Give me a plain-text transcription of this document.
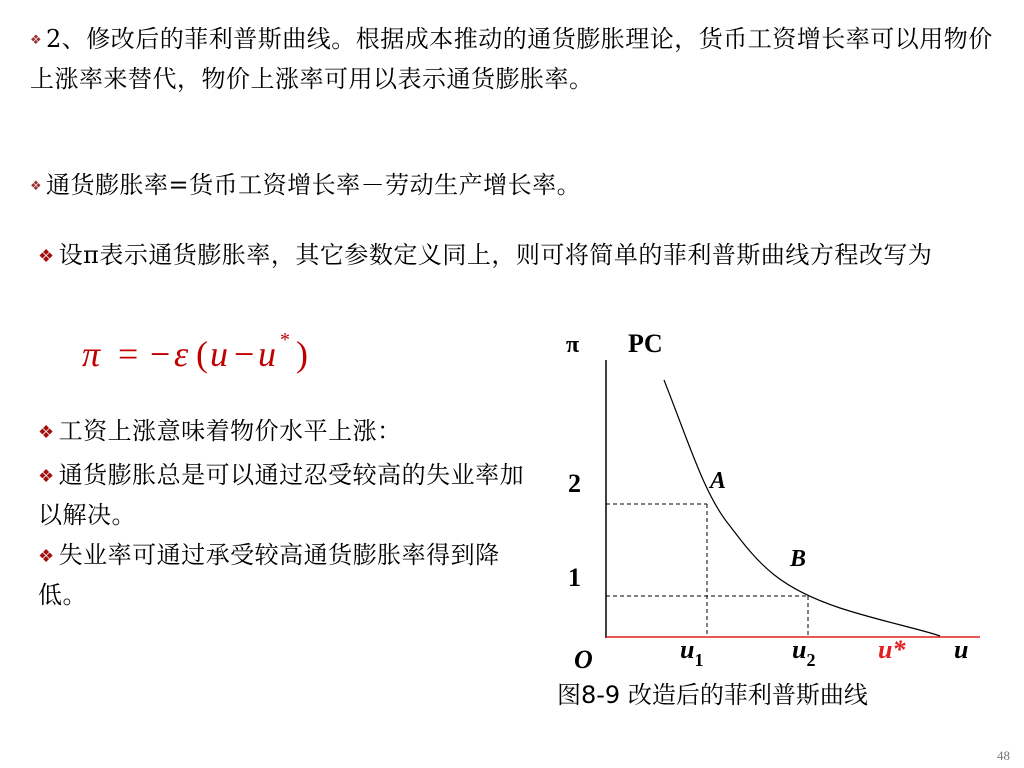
❖ 2、修改后的菲利普斯曲线。根据成本推动的通货膨胀理论，货币工资增长率可以用物价上涨率来替代，物价上涨率可用以表示通货膨胀率。
❖ 通货膨胀率=货币工资增长率－劳动生产增长率。
❖ 设π表示通货膨胀率，其它参数定义同上，则可将简单的菲利普斯曲线方程改写为
π = − ε ( u − u * )
❖ 工资上涨意味着物价水平上涨：
❖ 通货膨胀总是可以通过忍受较高的失业率加以解决。
❖ 失业率可通过承受较高通货膨胀率得到降低。
π PC
2
1
A
B
O	$u_1$	$u_2$ u* u
图8-9 改造后的菲利普斯曲线
48
